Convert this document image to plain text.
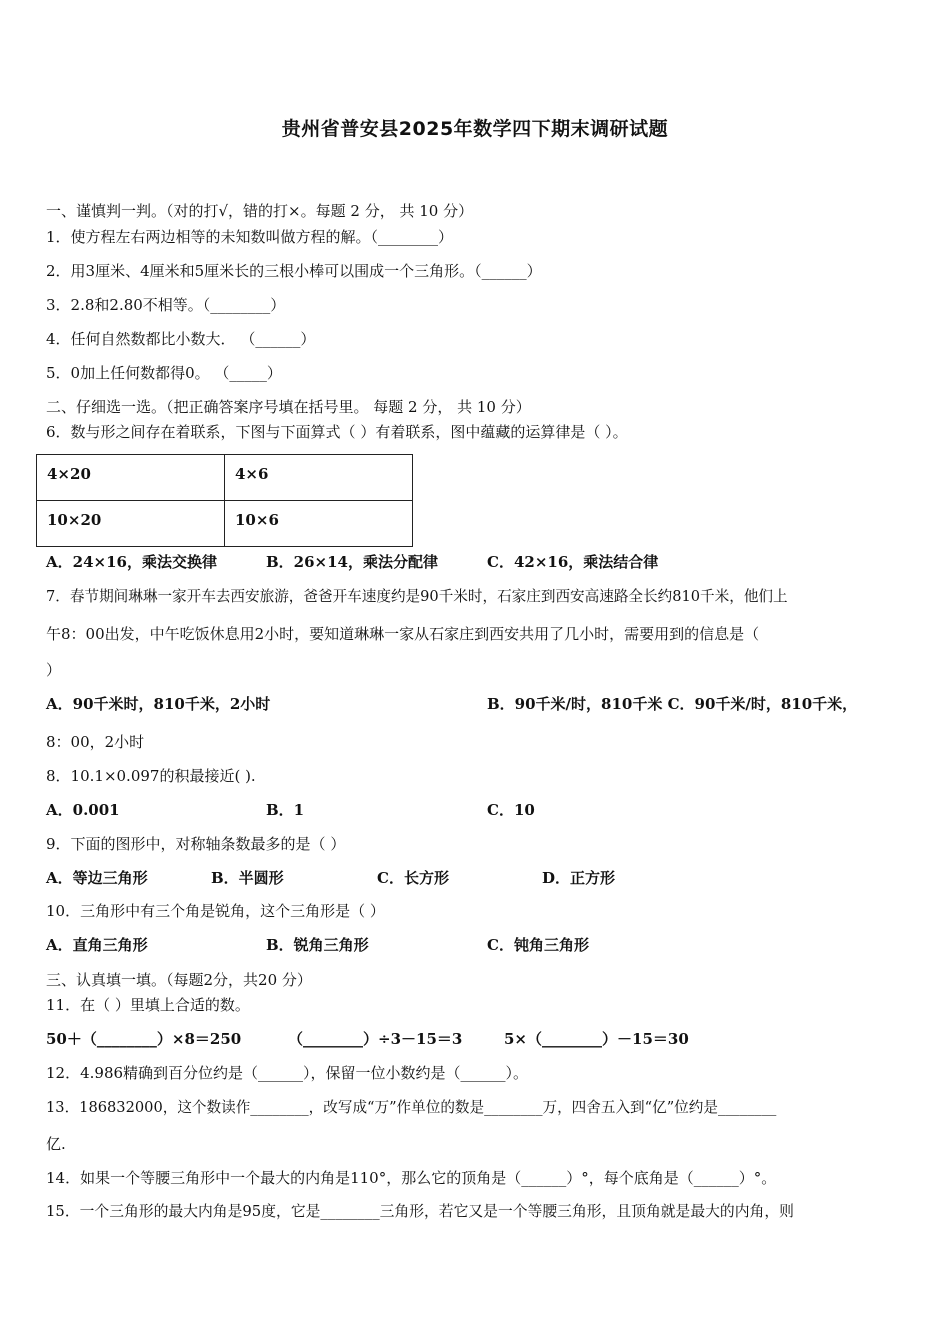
贵州省普安县2025年数学四下期末调研试题
一、谨慎判一判。（对的打√，错的打×。每题 2 分， 共 10 分）
1．使方程左右两边相等的未知数叫做方程的解。（________）
2．用3厘米、4厘米和5厘米长的三根小棒可以围成一个三角形。（______）
3．2.8和2.80不相等。（________）
4．任何自然数都比小数大． （______）
5．0加上任何数都得0。 （_____）
二、仔细选一选。（把正确答案序号填在括号里。 每题 2 分， 共 10 分）
6．数与形之间存在着联系，下图与下面算式（ ）有着联系，图中蕴藏的运算律是（ ）。
4×20	4×6
10×20	10×6
A．24×16，乘法交换律	B．26×14，乘法分配律	C．42×16，乘法结合律
7．春节期间琳琳一家开车去西安旅游，爸爸开车速度约是90千米时，石家庄到西安高速路全长约810千米，他们上
午8：00出发，中午吃饭休息用2小时，要知道琳琳一家从石家庄到西安共用了几小时，需要用到的信息是（
）
A．90千米时，810千米，2小时	B．90千米/时，810千米 C．90千米/时，810千米，
8：00，2小时
8．10.1×0.097的积最接近( ).
A．0.001	B．1	C．10
9．下面的图形中，对称轴条数最多的是（ ）
A．等边三角形	B．半圆形	C．长方形	D．正方形
10．三角形中有三个角是锐角，这个三角形是（ ）
A．直角三角形	B．锐角三角形	C．钝角三角形
三、认真填一填。（每题2分，共20 分）
11．在（ ）里填上合适的数。
50＋（________）×8＝250	（________）÷3－15＝3	5×（________）－15＝30
12．4.986精确到百分位约是（______），保留一位小数约是（______）。
13．186832000，这个数读作________，改写成“万”作单位的数是________万，四舍五入到“亿”位约是________
亿.
14．如果一个等腰三角形中一个最大的内角是110°，那么它的顶角是（______）°，每个底角是（______）°。
15．一个三角形的最大内角是95度，它是________三角形，若它又是一个等腰三角形，且顶角就是最大的内角，则
